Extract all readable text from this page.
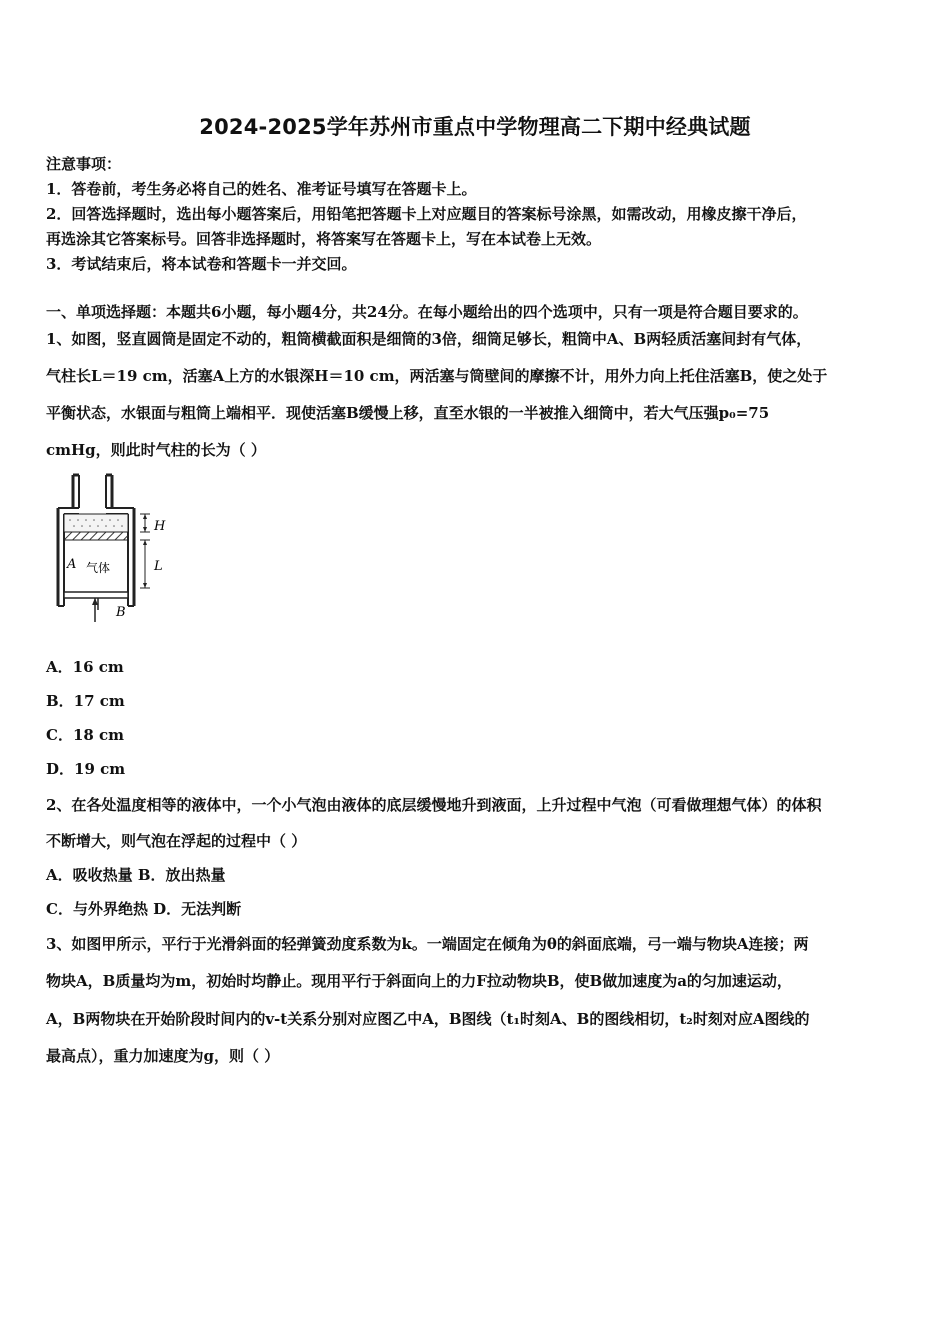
2024-2025学年苏州市重点中学物理高二下期中经典试题
注意事项：
1．答卷前，考生务必将自己的姓名、准考证号填写在答题卡上。
2．回答选择题时，选出每小题答案后，用铅笔把答题卡上对应题目的答案标号涂黑，如需改动，用橡皮擦干净后，
再选涂其它答案标号。回答非选择题时，将答案写在答题卡上，写在本试卷上无效。
3．考试结束后，将本试卷和答题卡一并交回。
一、单项选择题：本题共6小题，每小题4分，共24分。在每小题给出的四个选项中，只有一项是符合题目要求的。
1、如图，竖直圆筒是固定不动的，粗筒横截面积是细筒的3倍，细筒足够长，粗筒中A、B两轻质活塞间封有气体，
气柱长L＝19 cm，活塞A上方的水银深H＝10 cm，两活塞与筒壁间的摩擦不计，用外力向上托住活塞B，使之处于
平衡状态，水银面与粗筒上端相平．现使活塞B缓慢上移，直至水银的一半被推入细筒中，若大气压强p₀=75
cmHg，则此时气柱的长为（ ）
H
L
A 气体
B
A．16 cm
B．17 cm
C．18 cm
D．19 cm
2、在各处温度相等的液体中，一个小气泡由液体的底层缓慢地升到液面，上升过程中气泡（可看做理想气体）的体积
不断增大，则气泡在浮起的过程中（ ）
A．吸收热量 B．放出热量
C．与外界绝热 D．无法判断
3、如图甲所示，平行于光滑斜面的轻弹簧劲度系数为k。一端固定在倾角为θ的斜面底端，弓一端与物块A连接；两
物块A，B质量均为m，初始时均静止。现用平行于斜面向上的力F拉动物块B，使B做加速度为a的匀加速运动，
A，B两物块在开始阶段时间内的v-t关系分别对应图乙中A，B图线（t₁时刻A、B的图线相切，t₂时刻对应A图线的
最高点），重力加速度为g，则（ ）
